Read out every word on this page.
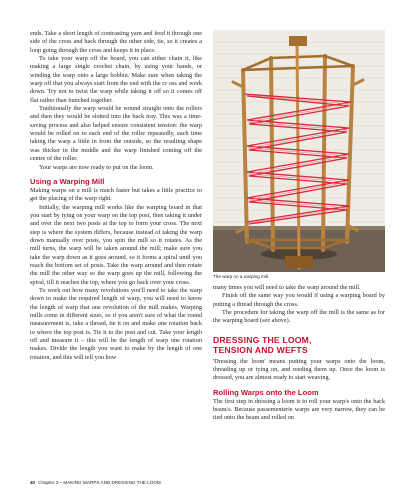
ends. Take a short length of contrasting yarn and feed it through one side of the cross and back through the other side, tie, so it creates a loop going through the cross and keeps it in place.

To take your warp off the board, you can either chain it, like making a large single crochet chain, by using your hands, or winding the warp onto a large bobbin. Make sure when taking the warp off that you always start from the end with the cr oss and work down. Try not to twist the warp while taking it off so it comes off flat rather than bunched together.

Traditionally the warp would be wound straight onto the rollers and then they would be slotted into the back tray. This was a time-saving process and also helped ensure consistent tension: the warp would be rolled on to each end of the roller repeatedly, each time taking the warp a little in from the outside, so the resulting shape was thicker in the middle and the warp finished coming off the centre of the roller.

Your warps are now ready to put on the loom.

Using a Warping Mill

Making warps on a mill is much faster but takes a little practice to get the placing of the warp right.

Initially, the warping mill works like the warping board in that you start by tying on your warp on the top post, then taking it under and over the next two posts at the top to form your cross. The next step is where the system differs, because instead of taking the warp down manually over posts, you spin the mill so it rotates. As the mill turns, the warp will be taken around the mill; make sure you take the warp down as it goes around, so it forms a spiral until you reach the bottom set of posts. Take the warp around and then rotate the mill the other way so the warp goes up the mill, following the spiral, till it reaches the top, where you go back over your cross.

To work out how many revolutions you'll need to take the warp down to make the required length of warp, you will need to know the length of warp that one revolution of the mill makes. Warping mills come in different sizes, so if you aren't sure of what the round measurement is, take a thread, tie it on and make one rotation back to where the top post is. Tie it to the post and cut. Take your length off and measure it – this will be the length of warp one rotation makes. Divide the length you want to make by the length of one rotation, and this will tell you how

The warp on a warping mill.

many times you will need to take the warp around the mill.

Finish off the same way you would if using a warping board by putting a thread through the cross.

The procedure for taking the warp off the mill is the same as for the warping board (see above).

DRESSING THE LOOM,
TENSION AND WEFTS

'Dressing the loom' means putting your warps onto the loom, threading up or tying on, and reeding them up. Once the loom is dressed, you are almost ready to start weaving.

Rolling Warps onto the Loom

The first step in dressing a loom is to roll your warp/s onto the back beam/s. Because passementerie warps are very narrow, they can be tied onto the beam and rolled on

40 Chapter 3 – MAKING WARPS AND DRESSING THE LOOM
